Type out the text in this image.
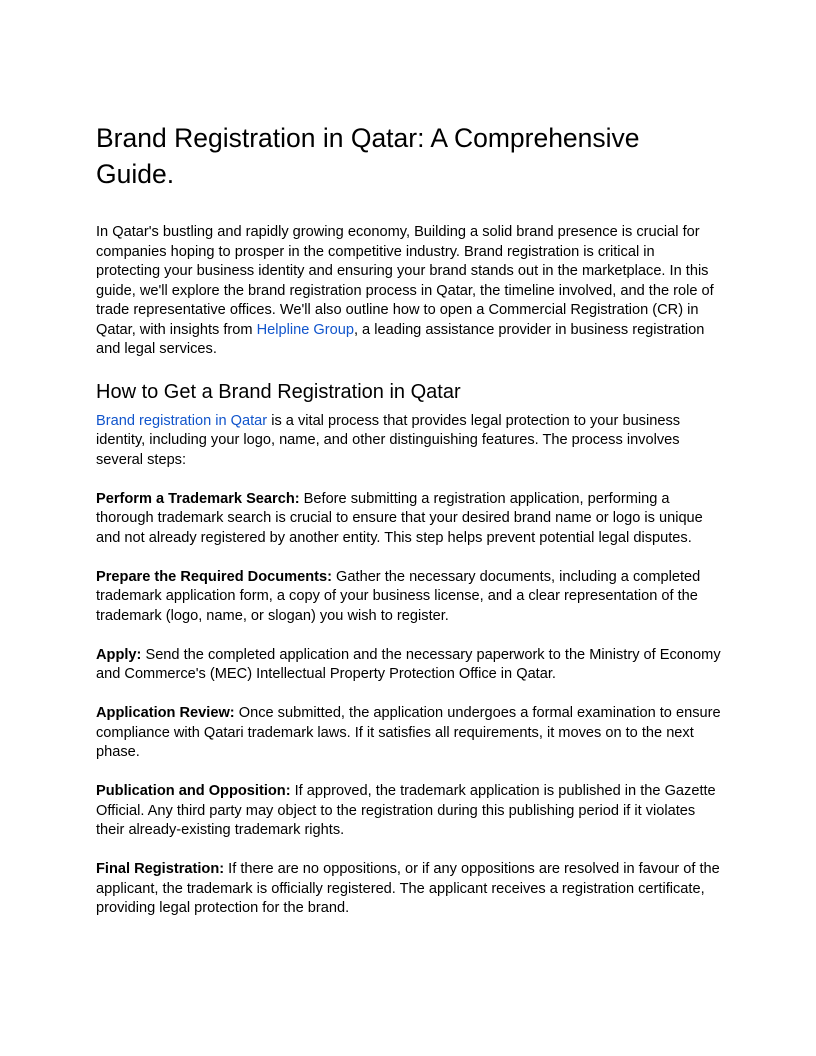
Brand Registration in Qatar: A Comprehensive Guide.

In Qatar's bustling and rapidly growing economy, Building a solid brand presence is crucial for companies hoping to prosper in the competitive industry. Brand registration is critical in protecting your business identity and ensuring your brand stands out in the marketplace. In this guide, we'll explore the brand registration process in Qatar, the timeline involved, and the role of trade representative offices. We'll also outline how to open a Commercial Registration (CR) in Qatar, with insights from Helpline Group, a leading assistance provider in business registration and legal services.

How to Get a Brand Registration in Qatar

Brand registration in Qatar is a vital process that provides legal protection to your business identity, including your logo, name, and other distinguishing features. The process involves several steps:

Perform a Trademark Search: Before submitting a registration application, performing a thorough trademark search is crucial to ensure that your desired brand name or logo is unique and not already registered by another entity. This step helps prevent potential legal disputes.

Prepare the Required Documents: Gather the necessary documents, including a completed trademark application form, a copy of your business license, and a clear representation of the trademark (logo, name, or slogan) you wish to register.

Apply: Send the completed application and the necessary paperwork to the Ministry of Economy and Commerce's (MEC) Intellectual Property Protection Office in Qatar.

Application Review: Once submitted, the application undergoes a formal examination to ensure compliance with Qatari trademark laws. If it satisfies all requirements, it moves on to the next phase.

Publication and Opposition: If approved, the trademark application is published in the Gazette Official. Any third party may object to the registration during this publishing period if it violates their already-existing trademark rights.

Final Registration: If there are no oppositions, or if any oppositions are resolved in favour of the applicant, the trademark is officially registered. The applicant receives a registration certificate, providing legal protection for the brand.
